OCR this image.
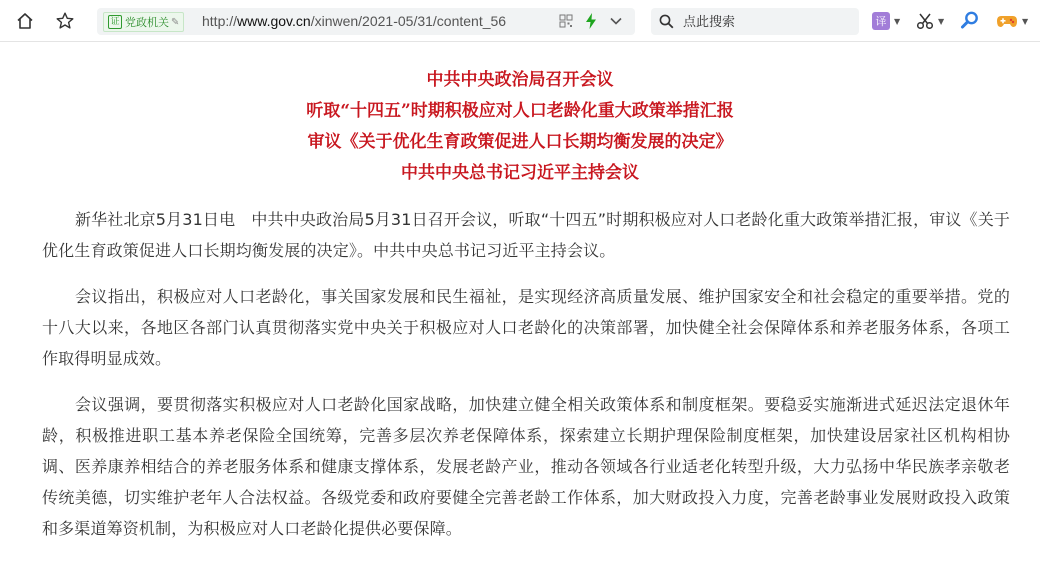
证 党政机关 ✎ http://www.gov.cn/xinwen/2021-05/31/content_56
点此搜索	译 ▼	▼	▼
中共中央政治局召开会议
听取“十四五”时期积极应对人口老龄化重大政策举措汇报
审议《关于优化生育政策促进人口长期均衡发展的决定》
中共中央总书记习近平主持会议

新华社北京5月31日电　中共中央政治局5月31日召开会议，听取“十四五”时期积极应对人口老龄化重大政策举措汇报，审议《关于优化生育政策促进人口长期均衡发展的决定》。中共中央总书记习近平主持会议。

会议指出，积极应对人口老龄化，事关国家发展和民生福祉，是实现经济高质量发展、维护国家安全和社会稳定的重要举措。党的十八大以来，各地区各部门认真贯彻落实党中央关于积极应对人口老龄化的决策部署，加快健全社会保障体系和养老服务体系，各项工作取得明显成效。

会议强调，要贯彻落实积极应对人口老龄化国家战略，加快建立健全相关政策体系和制度框架。要稳妥实施渐进式延迟法定退休年龄，积极推进职工基本养老保险全国统筹，完善多层次养老保障体系，探索建立长期护理保险制度框架，加快建设居家社区机构相协调、医养康养相结合的养老服务体系和健康支撑体系，发展老龄产业，推动各领域各行业适老化转型升级，大力弘扬中华民族孝亲敬老传统美德，切实维护老年人合法权益。各级党委和政府要健全完善老龄工作体系，加大财政投入力度，完善老龄事业发展财政投入政策和多渠道筹资机制，为积极应对人口老龄化提供必要保障。
